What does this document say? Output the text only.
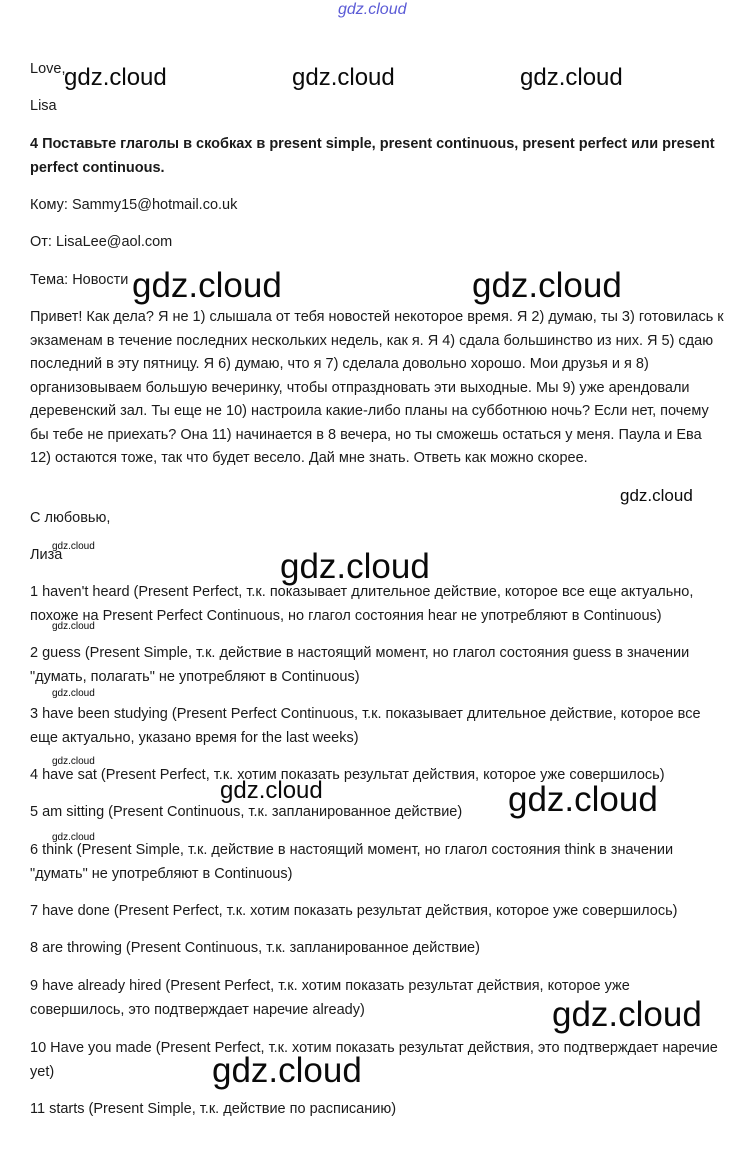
gdz.cloud
Love,
Lisa
4 Поставьте глаголы в скобках в present simple, present continuous, present perfect или present perfect continuous.
Кому: Sammy15@hotmail.co.uk
От: LisaLee@aol.com
Тема: Новости
Привет! Как дела? Я не 1) слышала от тебя новостей некоторое время. Я 2) думаю, ты 3) готовилась к экзаменам в течение последних нескольких недель, как я. Я 4) сдала большинство из них. Я 5) сдаю последний в эту пятницу. Я 6) думаю, что я 7) сделала довольно хорошо. Мои друзья и я 8) организовываем большую вечеринку, чтобы отпраздновать эти выходные. Мы 9) уже арендовали деревенский зал. Ты еще не 10) настроила какие-либо планы на субботнюю ночь? Если нет, почему бы тебе не приехать? Она 11) начинается в 8 вечера, но ты сможешь остаться у меня. Паула и Ева 12) остаются тоже, так что будет весело. Дай мне знать. Ответь как можно скорее.
С любовью,
Лиза
1 haven't heard (Present Perfect, т.к. показывает длительное действие, которое все еще актуально, похоже на Present Perfect Continuous, но глагол состояния hear не употребляют в Continuous)
2 guess (Present Simple, т.к. действие в настоящий момент, но глагол состояния guess в значении "думать, полагать" не употребляют в Continuous)
3 have been studying (Present Perfect Continuous, т.к. показывает длительное действие, которое все еще актуально, указано время for the last weeks)
4 have sat (Present Perfect, т.к. хотим показать результат действия, которое уже совершилось)
5 am sitting (Present Continuous, т.к. запланированное действие)
6 think (Present Simple, т.к. действие в настоящий момент, но глагол состояния think в значении "думать" не употребляют в Continuous)
7 have done (Present Perfect, т.к. хотим показать результат действия, которое уже совершилось)
8 are throwing (Present Continuous, т.к. запланированное действие)
9 have already hired (Present Perfect, т.к. хотим показать результат действия, которое уже совершилось, это подтверждает наречие already)
10 Have you made (Present Perfect, т.к. хотим показать результат действия, это подтверждает наречие yet)
11 starts (Present Simple, т.к. действие по расписанию)
gdz.cloud	gdz.cloud	gdz.cloud
gdz.cloud	gdz.cloud
gdz.cloud
gdz.cloud
gdz.cloud
gdz.cloud
gdz.cloud
gdz.cloud
gdz.cloud	gdz.cloud
gdz.cloud
gdz.cloud
gdz.cloud
